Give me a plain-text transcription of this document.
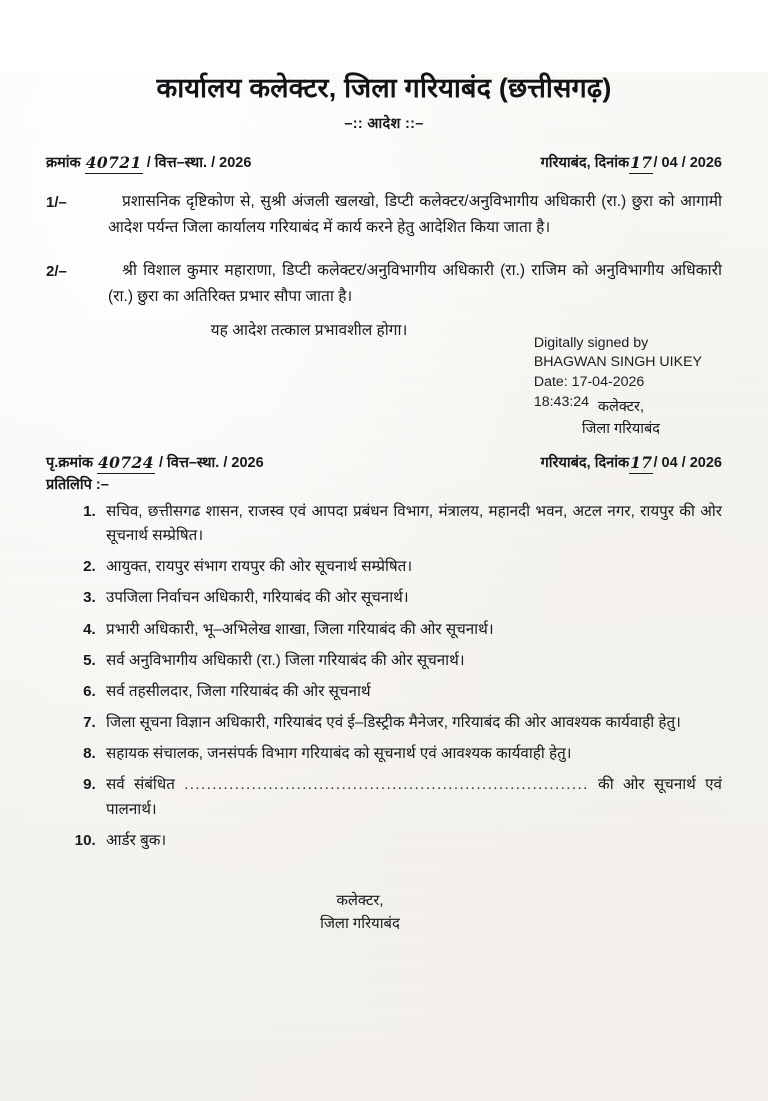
कार्यालय कलेक्टर, जिला गरियाबंद (छत्तीसगढ़)
–:: आदेश ::–
क्रमांक 40721 / वित्त–स्था. / 2026	गरियाबंद, दिनांक17/ 04 / 2026
1/–	प्रशासनिक दृष्टिकोण से, सुश्री अंजली खलखो, डिप्टी कलेक्टर/अनुविभागीय अधिकारी (रा.) छुरा को आगामी आदेश पर्यन्त जिला कार्यालय गरियाबंद में कार्य करने हेतु आदेशित किया जाता है।
2/–	श्री विशाल कुमार महाराणा, डिप्टी कलेक्टर/अनुविभागीय अधिकारी (रा.) राजिम को अनुविभागीय अधिकारी (रा.) छुरा का अतिरिक्त प्रभार सौपा जाता है।
यह आदेश तत्काल प्रभावशील होगा।
Digitally signed by
BHAGWAN SINGH UIKEY
Date: 17-04-2026
18:43:24 कलेक्टर,
जिला गरियाबंद
पृ.क्रमांक 40724 / वित्त–स्था. / 2026	गरियाबंद, दिनांक17/ 04 / 2026
प्रतिलिपि :–
1. सचिव, छत्तीसगढ शासन, राजस्व एवं आपदा प्रबंधन विभाग, मंत्रालय, महानदी भवन, अटल नगर, रायपुर की ओर सूचनार्थ सम्प्रेषित।
2. आयुक्त, रायपुर संभाग रायपुर की ओर सूचनार्थ सम्प्रेषित।
3. उपजिला निर्वाचन अधिकारी, गरियाबंद की ओर सूचनार्थ।
4. प्रभारी अधिकारी, भू–अभिलेख शाखा, जिला गरियाबंद की ओर सूचनार्थ।
5. सर्व अनुविभागीय अधिकारी (रा.) जिला गरियाबंद की ओर सूचनार्थ।
6. सर्व तहसीलदार, जिला गरियाबंद की ओर सूचनार्थ
7. जिला सूचना विज्ञान अधिकारी, गरियाबंद एवं ई–डिस्ट्रीक मैनेजर, गरियाबंद की ओर आवश्यक कार्यवाही हेतु।
8. सहायक संचालक, जनसंपर्क विभाग गरियाबंद को सूचनार्थ एवं आवश्यक कार्यवाही हेतु।
9. सर्व संबंधित ........................................................................ की ओर सूचनार्थ एवं पालनार्थ।
10. आर्डर बुक।
कलेक्टर,
जिला गरियाबंद
